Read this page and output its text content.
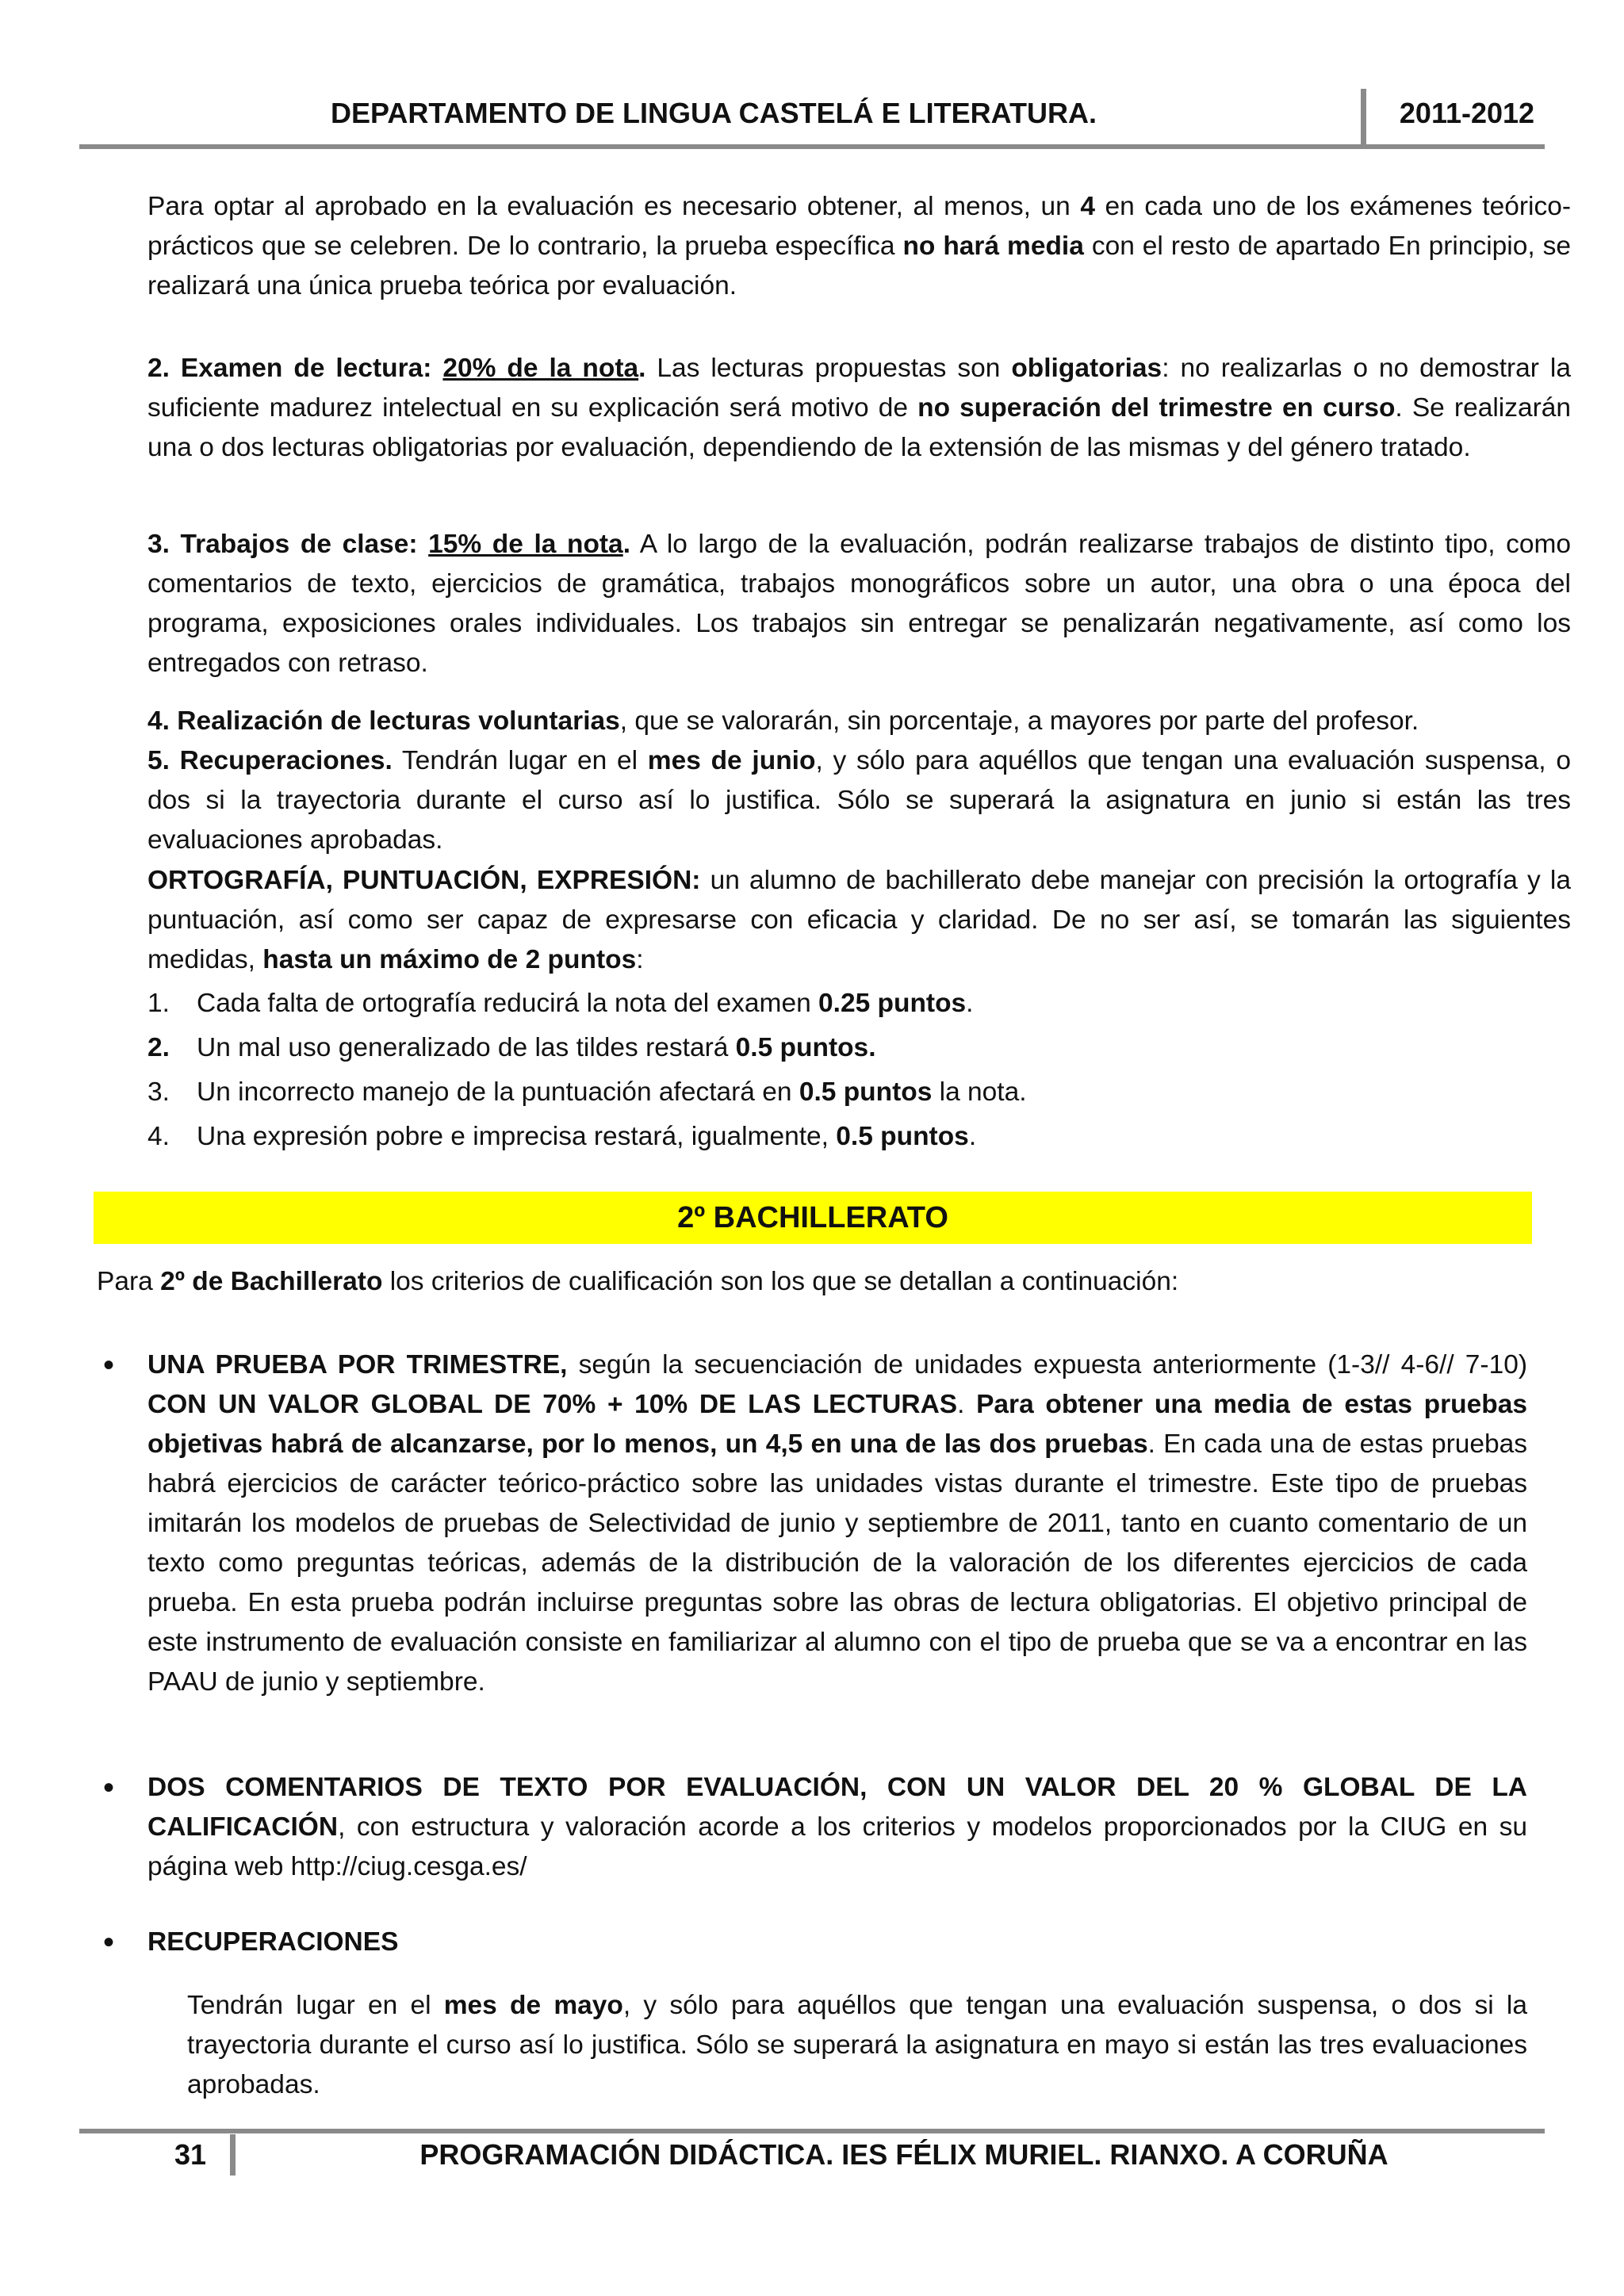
DEPARTAMENTO DE LINGUA CASTELÁ E LITERATURA.	2011-2012

Para optar al aprobado en la evaluación es necesario obtener, al menos, un 4 en cada uno de los exámenes teórico-prácticos que se celebren. De lo contrario, la prueba específica no hará media con el resto de apartado En principio, se realizará una única prueba teórica por evaluación.

2. Examen de lectura: 20% de la nota. Las lecturas propuestas son obligatorias: no realizarlas o no demostrar la suficiente madurez intelectual en su explicación será motivo de no superación del trimestre en curso. Se realizarán una o dos lecturas obligatorias por evaluación, dependiendo de la extensión de las mismas y del género tratado.

3. Trabajos de clase: 15% de la nota. A lo largo de la evaluación, podrán realizarse trabajos de distinto tipo, como comentarios de texto, ejercicios de gramática, trabajos monográficos sobre un autor, una obra o una época del programa, exposiciones orales individuales. Los trabajos sin entregar se penalizarán negativamente, así como los entregados con retraso.

4. Realización de lecturas voluntarias, que se valorarán, sin porcentaje, a mayores por parte del profesor.

5. Recuperaciones. Tendrán lugar en el mes de junio, y sólo para aquéllos que tengan una evaluación suspensa, o dos si la trayectoria durante el curso así lo justifica. Sólo se superará la asignatura en junio si están las tres evaluaciones aprobadas.

ORTOGRAFÍA, PUNTUACIÓN, EXPRESIÓN: un alumno de bachillerato debe manejar con precisión la ortografía y la puntuación, así como ser capaz de expresarse con eficacia y claridad. De no ser así, se tomarán las siguientes medidas, hasta un máximo de 2 puntos:

1. Cada falta de ortografía reducirá la nota del examen 0.25 puntos.
2. Un mal uso generalizado de las tildes restará 0.5 puntos.
3. Un incorrecto manejo de la puntuación afectará en 0.5 puntos la nota.
4. Una expresión pobre e imprecisa restará, igualmente, 0.5 puntos.
2º BACHILLERATO
Para 2º de Bachillerato los criterios de cualificación son los que se detallan a continuación:
• UNA PRUEBA POR TRIMESTRE, según la secuenciación de unidades expuesta anteriormente (1-3// 4-6// 7-10) CON UN VALOR GLOBAL DE 70% + 10% DE LAS LECTURAS. Para obtener una media de estas pruebas objetivas habrá de alcanzarse, por lo menos, un 4,5 en una de las dos pruebas. En cada una de estas pruebas habrá ejercicios de carácter teórico-práctico sobre las unidades vistas durante el trimestre. Este tipo de pruebas imitarán los modelos de pruebas de Selectividad de junio y septiembre de 2011, tanto en cuanto comentario de un texto como preguntas teóricas, además de la distribución de la valoración de los diferentes ejercicios de cada prueba. En esta prueba podrán incluirse preguntas sobre las obras de lectura obligatorias. El objetivo principal de este instrumento de evaluación consiste en familiarizar al alumno con el tipo de prueba que se va a encontrar en las PAAU de junio y septiembre.

• DOS COMENTARIOS DE TEXTO POR EVALUACIÓN, CON UN VALOR DEL 20 % GLOBAL DE LA CALIFICACIÓN, con estructura y valoración acorde a los criterios y modelos proporcionados por la CIUG en su página web http://ciug.cesga.es/

• RECUPERACIONES

Tendrán lugar en el mes de mayo, y sólo para aquéllos que tengan una evaluación suspensa, o dos si la trayectoria durante el curso así lo justifica. Sólo se superará la asignatura en mayo si están las tres evaluaciones aprobadas.
31	PROGRAMACIÓN DIDÁCTICA. IES FÉLIX MURIEL. RIANXO. A CORUÑA
